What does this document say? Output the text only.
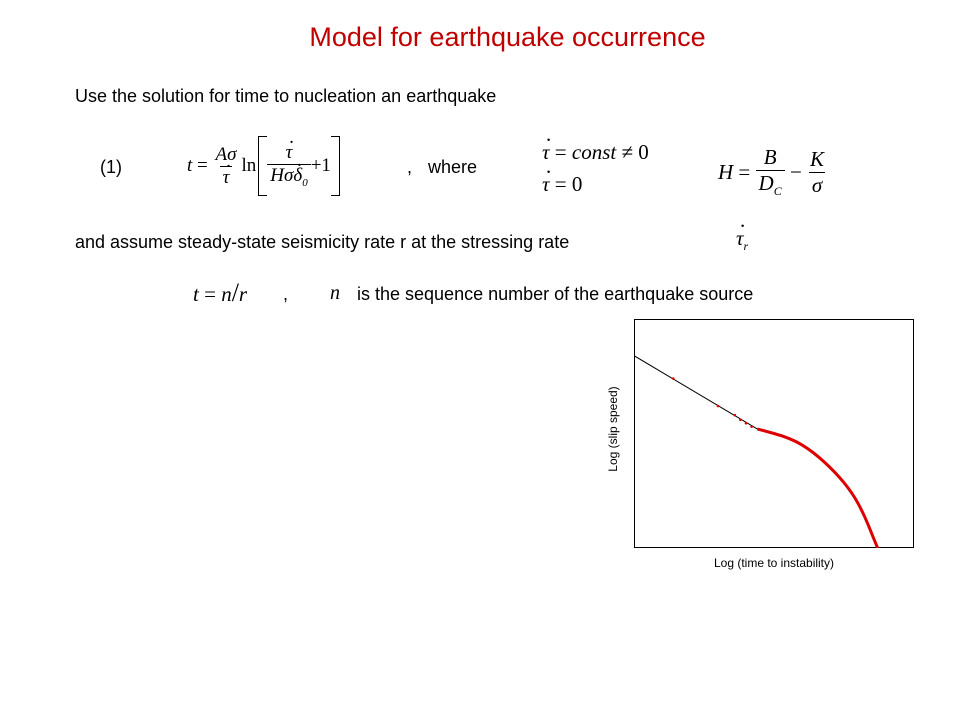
Model for earthquake occurrence
Use the solution for time to nucleation an earthquake
(1)	t = Aσ
· τ ln
· $\frac{\tau}{H\sigma\cdot \delta_0} +1$	, where
· τ = const ≠ 0
· τ = 0
$H = \frac{B}{D_C} - \frac{K}{\sigma}$
and assume steady-state seismicity rate r at the stressing rate
·	$\tau_r$
t = n/r , n is the sequence number of the earthquake source
Log (slip speed)
Log (time to instability)
